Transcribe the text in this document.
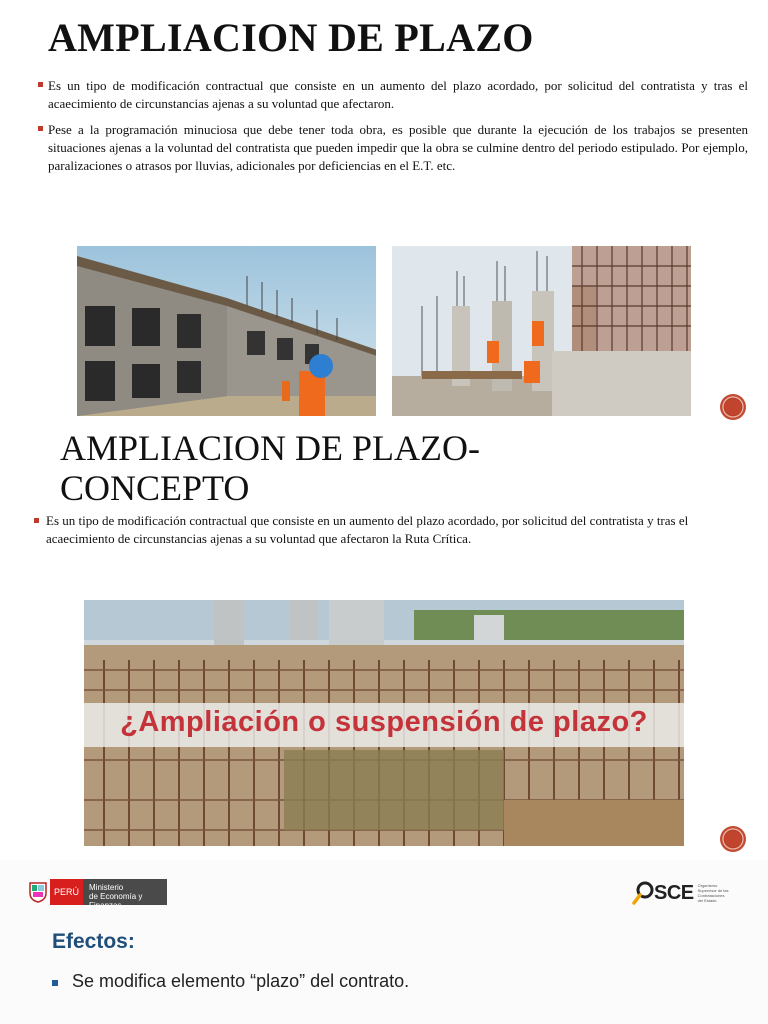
AMPLIACION DE PLAZO
Es un tipo de modificación contractual que consiste en un aumento del plazo acordado, por solicitud del contratista y tras el acaecimiento de circunstancias ajenas a su voluntad que afectaron.
Pese a la programación minuciosa que debe tener toda obra, es posible que durante la ejecución de los trabajos se presenten situaciones ajenas a la voluntad del contratista que pueden impedir que la obra se culmine dentro del periodo estipulado. Por ejemplo, paralizaciones o atrasos por lluvias, adicionales por deficiencias en el E.T. etc.
AMPLIACION DE PLAZO- CONCEPTO
Es un tipo de modificación contractual que consiste en un aumento del plazo acordado, por solicitud del contratista y tras el acaecimiento de circunstancias ajenas a su voluntad que afectaron la Ruta Crítica.
¿Ampliación o suspensión de plazo?
PERÚ	Ministerio
de Economía y Finanzas
SCE Organismo
Supervisor de las
Contrataciones
del Estado
Efectos:
Se modifica elemento “plazo” del contrato.
